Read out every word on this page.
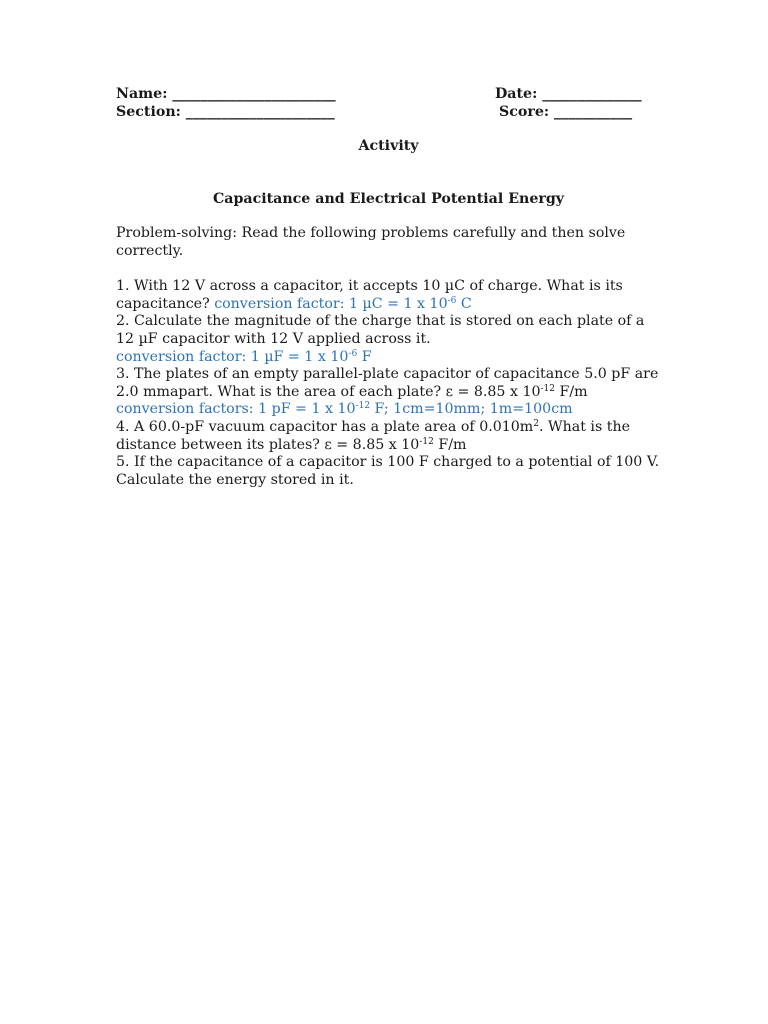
Name: _______________________	Date: ______________
Section: _____________________	Score: ___________
Activity
Capacitance and Electrical Potential Energy

Problem-solving: Read the following problems carefully and then solve correctly.

1. With 12 V across a capacitor, it accepts 10 µC of charge. What is its capacitance? conversion factor: 1 µC = 1 x $10^{-6}$ C

2. Calculate the magnitude of the charge that is stored on each plate of a 12 µF capacitor with 12 V applied across it.

conversion factor: 1 µF = 1 x $10^{-6}$ F

3. The plates of an empty parallel-plate capacitor of capacitance 5.0 pF are 2.0 mmapart. What is the area of each plate? ε = 8.85 x $10^{-12}$ F/m

conversion factors: 1 pF = 1 x $10^{-12}$ F; 1cm=10mm; 1m=100cm

4. A 60.0-pF vacuum capacitor has a plate area of $0.010m^2$. What is the distance between its plates? ε = 8.85 x $10^{-12}$ F/m

5. If the capacitance of a capacitor is 100 F charged to a potential of 100 V. Calculate the energy stored in it.
